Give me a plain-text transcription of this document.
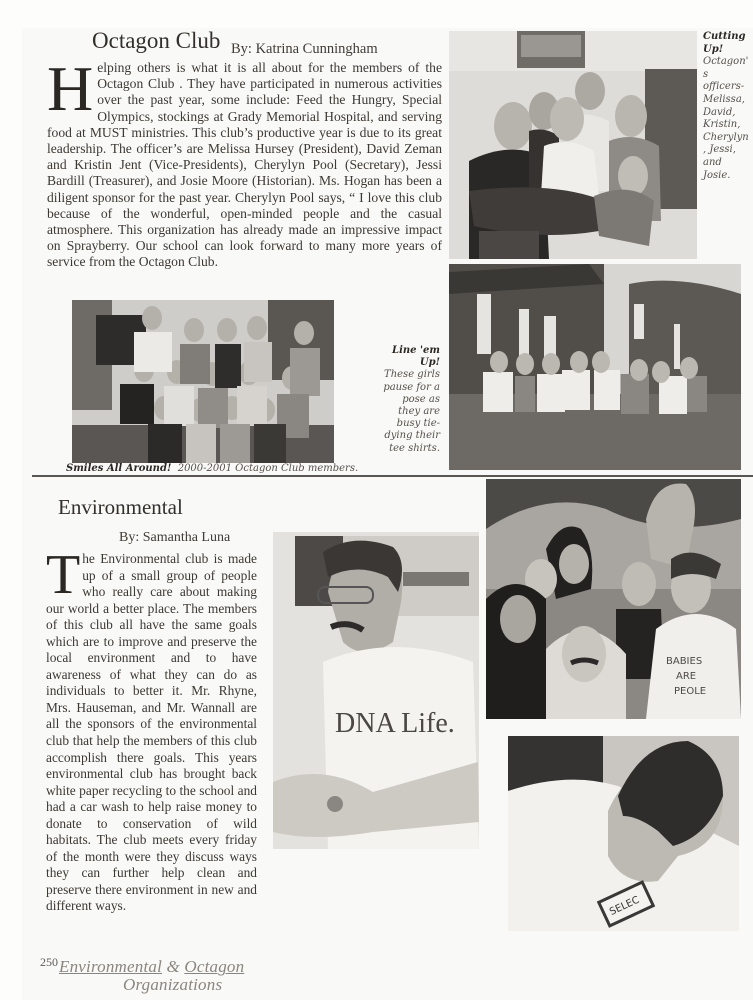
Octagon Club By: Katrina Cunningham
H elping others is what it is all about for the members of the Octagon Club . They have participated in numerous activities over the past year, some include: Feed the Hungry, Special Olympics, stockings at Grady Memorial Hospital, and serving food at MUST ministries. This club’s productive year is due to its great leadership. The officer’s are Melissa Hursey (President), David Zeman and Kristin Jent (Vice-Presidents), Cherylyn Pool (Secretary), Jessi Bardill (Treasurer), and Josie Moore (Historian). Ms. Hogan has been a diligent sponsor for the past year. Cherylyn Pool says, “ I love this club because of the wonderful, open-minded people and the casual atmosphere. This organization has already made an impressive impact on Sprayberry. Our school can look forward to many more years of service from the Octagon Club.
Cutting Up!
Octagon's officers- Melissa, David, Kristin, Cherylyn, Jessi, and Josie.
Smiles All Around! 2000-2001 Octagon Club members.
Line 'em Up!
These girls pause for a pose as they are busy tie-dying their tee shirts.
Environmental
By: Samantha Luna
T he Environmental club is made up of a small group of people who really care about making our world a better place. The members of this club all have the same goals which are to improve and preserve the local environment and to have awareness of what they can do as individuals to better it. Mr. Rhyne, Mrs. Hauseman, and Mr. Wannall are all the sponsors of the environmental club that help the members of this club accomplish there goals. This years environmental club has brought back white paper recycling to the school and had a car wash to help raise money to donate to conservation of wild habitats. The club meets every friday of the month were they discuss ways they can further help clean and preserve there environment in new and different ways.
DNA Life.
BABIES
ARE
PEOLE
SELEC
250 Environmental & Octagon
Organizations
